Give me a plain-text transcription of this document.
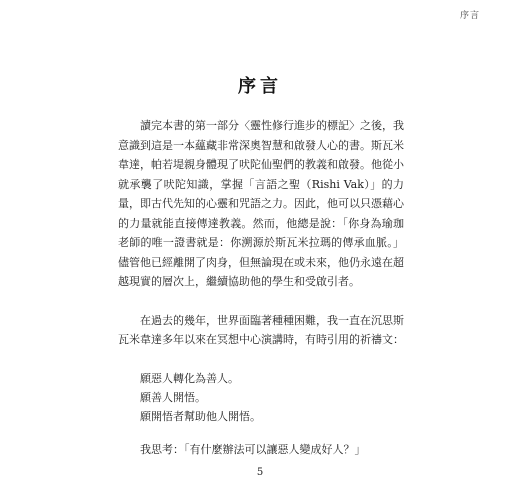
序言
序言

讀完本書的第一部分〈靈性修行進步的標記〉之後，我意識到這是一本蘊藏非常深奧智慧和啟發人心的書。斯瓦米韋達，帕若堤親身體現了吠陀仙聖們的教義和啟發。他從小就承襲了吠陀知識，掌握「言語之聖（Rishi Vak）」的力量，即古代先知的心靈和咒語之力。因此，他可以只憑藉心的力量就能直接傳達教義。然而，他總是說：「你身為瑜珈老師的唯一證書就是：你溯源於斯瓦米拉瑪的傳承血脈。」儘管他已經離開了肉身，但無論現在或未來，他仍永遠在超越現實的層次上，繼續協助他的學生和受啟引者。

在過去的幾年，世界面臨著種種困難，我一直在沉思斯瓦米韋達多年以來在冥想中心演講時，有時引用的祈禱文：

願惡人轉化為善人。

願善人開悟。

願開悟者幫助他人開悟。

我思考：「有什麼辦法可以讓惡人變成好人？」

5
